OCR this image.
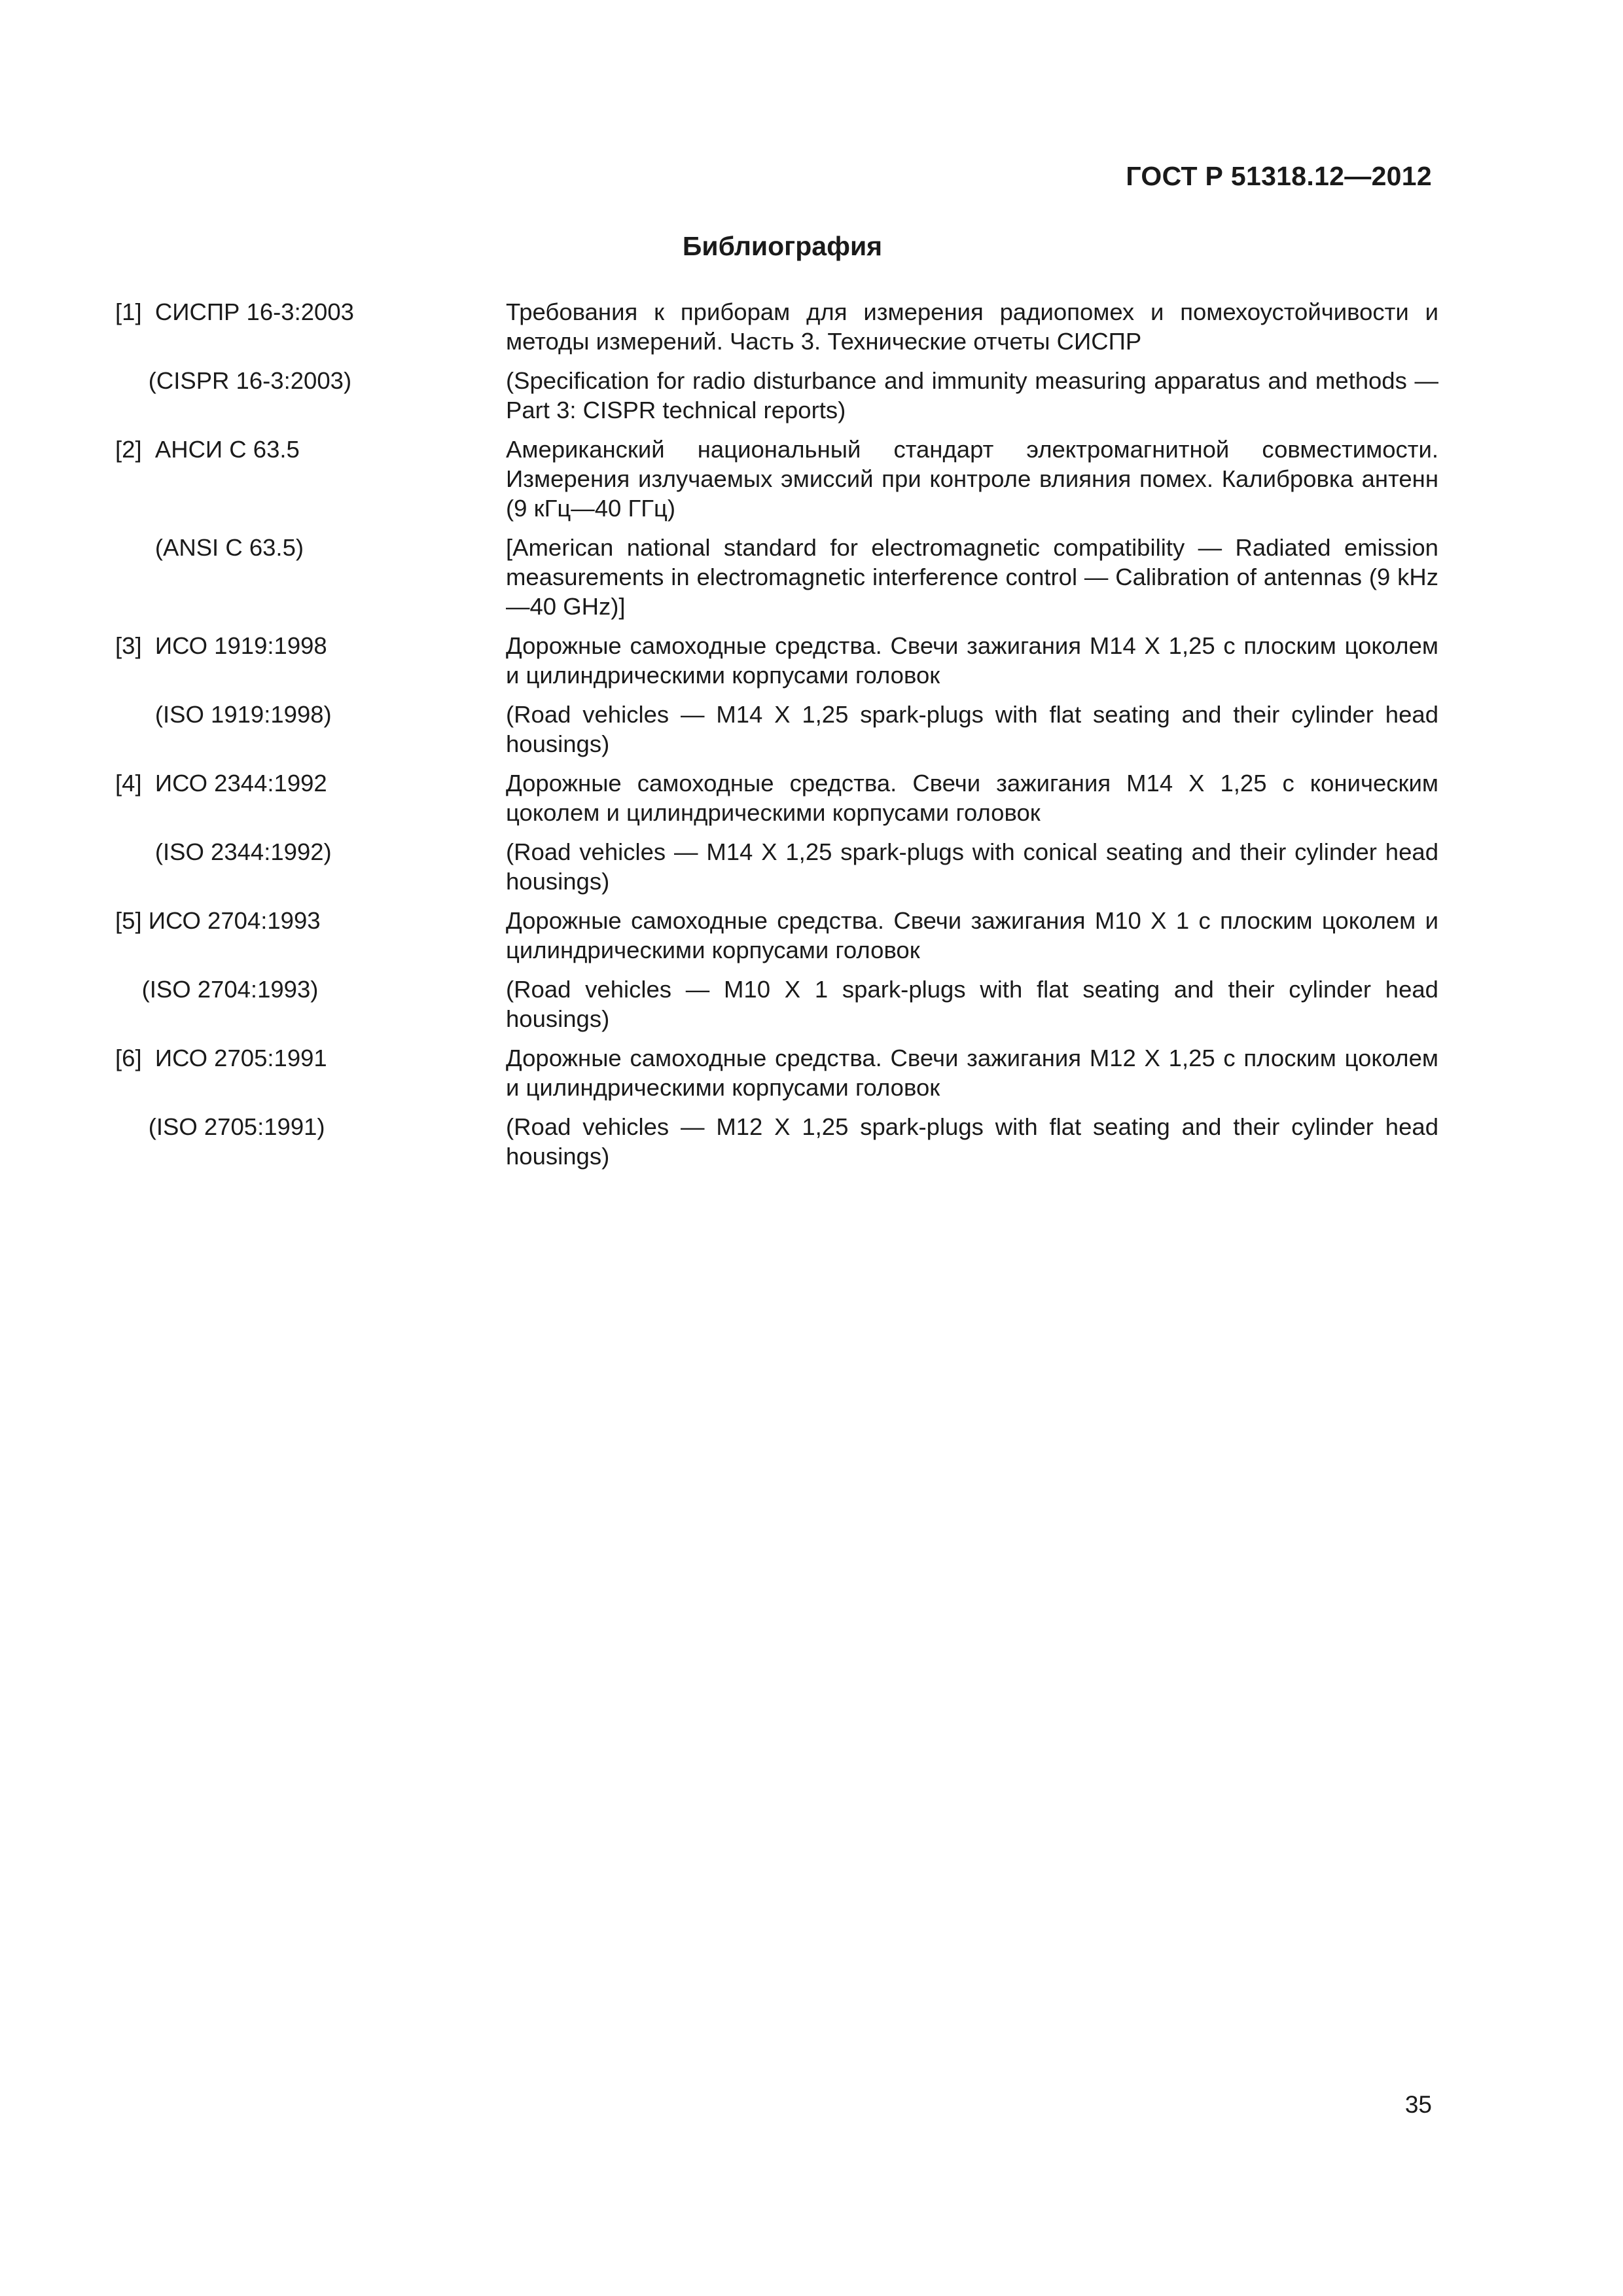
ГОСТ Р 51318.12—2012
Библиография
[1]  СИСПР 16-3:2003	Требования к приборам для измерения радиопомех и помехоустойчивости и методы измерений. Часть 3. Технические отчеты СИСПР
(CISPR 16-3:2003)	(Specification for radio disturbance and immunity measuring apparatus and methods — Part 3: CISPR technical reports)
[2]  АНСИ С 63.5	Американский национальный стандарт электромагнитной совместимости. Измерения излучаемых эмиссий при контроле влияния помех. Калибровка антенн (9 кГц—40 ГГц)
(ANSI C 63.5)	[American national standard for electromagnetic compatibility — Radiated emission measurements in electromagnetic interference control — Calibration of antennas (9 kHz—40 GHz)]
[3]  ИСО 1919:1998	Дорожные самоходные средства. Свечи зажигания М14 Х 1,25 с плоским цоколем и цилиндрическими корпусами головок
(ISO 1919:1998)	(Road vehicles — M14 X 1,25 spark-plugs with flat seating and their cylinder head housings)
[4]  ИСО 2344:1992	Дорожные самоходные средства. Свечи зажигания М14 Х 1,25 с коническим цоколем и цилиндрическими корпусами головок
(ISO 2344:1992)	(Road vehicles — M14 X 1,25 spark-plugs with conical seating and their cylinder head housings)
[5] ИСО 2704:1993	Дорожные самоходные средства. Свечи зажигания М10 Х 1 с плоским цоколем и цилиндрическими корпусами головок
(ISO 2704:1993)	(Road vehicles — M10 X 1 spark-plugs with flat seating and their cylinder head housings)
[6]  ИСО 2705:1991	Дорожные самоходные средства. Свечи зажигания М12 Х 1,25 с плоским цоколем и цилиндрическими корпусами головок
(ISO 2705:1991)	(Road vehicles — M12 X 1,25 spark-plugs with flat seating and their cylinder head housings)
35
